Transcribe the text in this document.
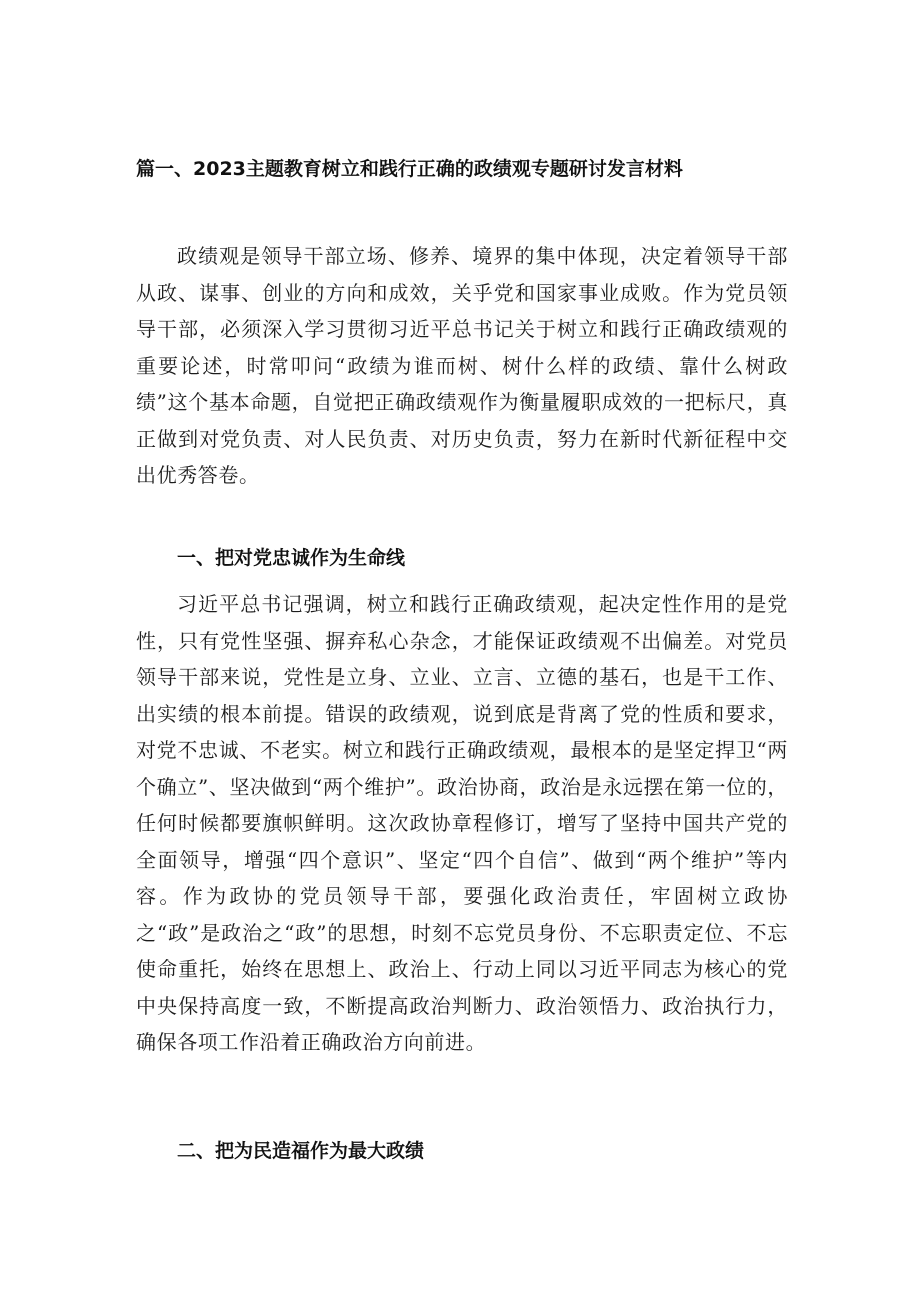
篇一、2023主题教育树立和践行正确的政绩观专题研讨发言材料

政绩观是领导干部立场、修养、境界的集中体现，决定着领导干部从政、谋事、创业的方向和成效，关乎党和国家事业成败。作为党员领导干部，必须深入学习贯彻习近平总书记关于树立和践行正确政绩观的重要论述，时常叩问“政绩为谁而树、树什么样的政绩、靠什么树政绩”这个基本命题，自觉把正确政绩观作为衡量履职成效的一把标尺，真正做到对党负责、对人民负责、对历史负责，努力在新时代新征程中交出优秀答卷。

一、把对党忠诚作为生命线

习近平总书记强调，树立和践行正确政绩观，起决定性作用的是党性，只有党性坚强、摒弃私心杂念，才能保证政绩观不出偏差。对党员领导干部来说，党性是立身、立业、立言、立德的基石，也是干工作、出实绩的根本前提。错误的政绩观，说到底是背离了党的性质和要求，对党不忠诚、不老实。树立和践行正确政绩观，最根本的是坚定捍卫“两个确立”、坚决做到“两个维护”。政治协商，政治是永远摆在第一位的，任何时候都要旗帜鲜明。这次政协章程修订，增写了坚持中国共产党的全面领导，增强“四个意识”、坚定“四个自信”、做到“两个维护”等内容。作为政协的党员领导干部，要强化政治责任，牢固树立政协之“政”是政治之“政”的思想，时刻不忘党员身份、不忘职责定位、不忘使命重托，始终在思想上、政治上、行动上同以习近平同志为核心的党中央保持高度一致，不断提高政治判断力、政治领悟力、政治执行力，确保各项工作沿着正确政治方向前进。

二、把为民造福作为最大政绩
